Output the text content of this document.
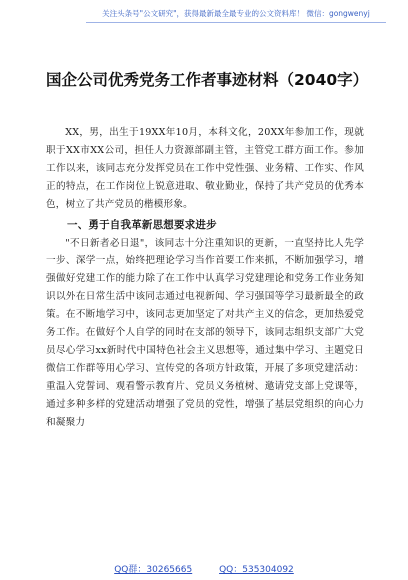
关注头条号"公文研究"，获得最新最全最专业的公文资料库！ 微信：gongwenyj
国企公司优秀党务工作者事迹材料（2040字）

XX，男，出生于19XX年10月，本科文化，20XX年参加工作，现就职于XX市XX公司，担任人力资源部副主管，主管党工群方面工作。参加工作以来，该同志充分发挥党员在工作中党性强、业务精、工作实、作风正的特点，在工作岗位上锐意进取、敬业勤业，保持了共产党员的优秀本色，树立了共产党员的楷模形象。

一、勇于自我革新思想要求进步

"不日新者必日退"，该同志十分注重知识的更新，一直坚持比人先学一步、深学一点，始终把理论学习当作首要工作来抓，不断加强学习，增强做好党建工作的能力除了在工作中认真学习党建理论和党务工作业务知识以外在日常生活中该同志通过电视新闻、学习强国等学习最新最全的政策。在不断地学习中，该同志更加坚定了对共产主义的信念，更加热爱党务工作。在做好个人自学的同时在支部的领导下，该同志组织支部广大党员尽心学习xx新时代中国特色社会主义思想等，通过集中学习、主题党日微信工作群等用心学习、宣传党的各项方针政策，开展了多项党建活动：重温入党誓词、观看警示教育片、党员义务植树、邀请党支部上党课等，通过多种多样的党建活动增强了党员的党性，增强了基层党组织的向心力和凝聚力

QQ群：30265665	QQ：535304092
